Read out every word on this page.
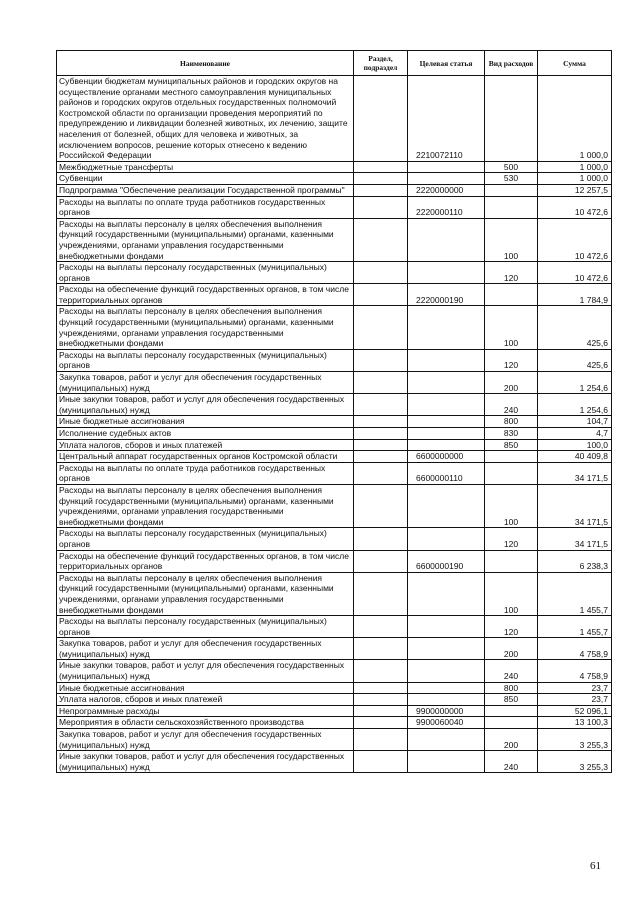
Наименование	Раздел, подраздел	Целевая статья	Вид расходов	Сумма
Субвенции бюджетам муниципальных районов и городских округов на осуществление органами местного самоуправления муниципальных районов и городских округов отдельных государственных полномочий Костромской области по организации проведения мероприятий по предупреждению и ликвидации болезней животных, их лечению, защите населения от болезней, общих для человека и животных, за исключением вопросов, решение которых отнесено к ведению Российской Федерации		2210072110		1 000,0
Межбюджетные трансферты			500	1 000,0
Субвенции			530	1 000,0
Подпрограмма "Обеспечение реализации Государственной программы"		2220000000		12 257,5
Расходы на выплаты по оплате труда работников государственных органов		2220000110		10 472,6
Расходы на выплаты персоналу в целях обеспечения выполнения функций государственными (муниципальными) органами, казенными учреждениями, органами управления государственными внебюджетными фондами			100	10 472,6
Расходы на выплаты персоналу государственных (муниципальных) органов			120	10 472,6
Расходы на обеспечение функций государственных органов, в том числе территориальных органов		2220000190		1 784,9
Расходы на выплаты персоналу в целях обеспечения выполнения функций государственными (муниципальными) органами, казенными учреждениями, органами управления государственными внебюджетными фондами			100	425,6
Расходы на выплаты персоналу государственных (муниципальных) органов			120	425,6
Закупка товаров, работ и услуг для обеспечения государственных (муниципальных) нужд			200	1 254,6
Иные закупки товаров, работ и услуг для обеспечения государственных (муниципальных) нужд			240	1 254,6
Иные бюджетные ассигнования			800	104,7
Исполнение судебных актов			830	4,7
Уплата налогов, сборов и иных платежей			850	100,0
Центральный аппарат государственных органов Костромской области		6600000000		40 409,8
Расходы на выплаты по оплате труда работников государственных органов		6600000110		34 171,5
Расходы на выплаты персоналу в целях обеспечения выполнения функций государственными (муниципальными) органами, казенными учреждениями, органами управления государственными внебюджетными фондами			100	34 171,5
Расходы на выплаты персоналу государственных (муниципальных) органов			120	34 171,5
Расходы на обеспечение функций государственных органов, в том числе территориальных органов		6600000190		6 238,3
Расходы на выплаты персоналу в целях обеспечения выполнения функций государственными (муниципальными) органами, казенными учреждениями, органами управления государственными внебюджетными фондами			100	1 455,7
Расходы на выплаты персоналу государственных (муниципальных) органов			120	1 455,7
Закупка товаров, работ и услуг для обеспечения государственных (муниципальных) нужд			200	4 758,9
Иные закупки товаров, работ и услуг для обеспечения государственных (муниципальных) нужд			240	4 758,9
Иные бюджетные ассигнования			800	23,7
Уплата налогов, сборов и иных платежей			850	23,7
Непрограммные расходы		9900000000		52 096,1
Мероприятия в области сельскохозяйственного производства		9900060040		13 100,3
Закупка товаров, работ и услуг для обеспечения государственных (муниципальных) нужд			200	3 255,3
Иные закупки товаров, работ и услуг для обеспечения государственных (муниципальных) нужд			240	3 255,3
61
